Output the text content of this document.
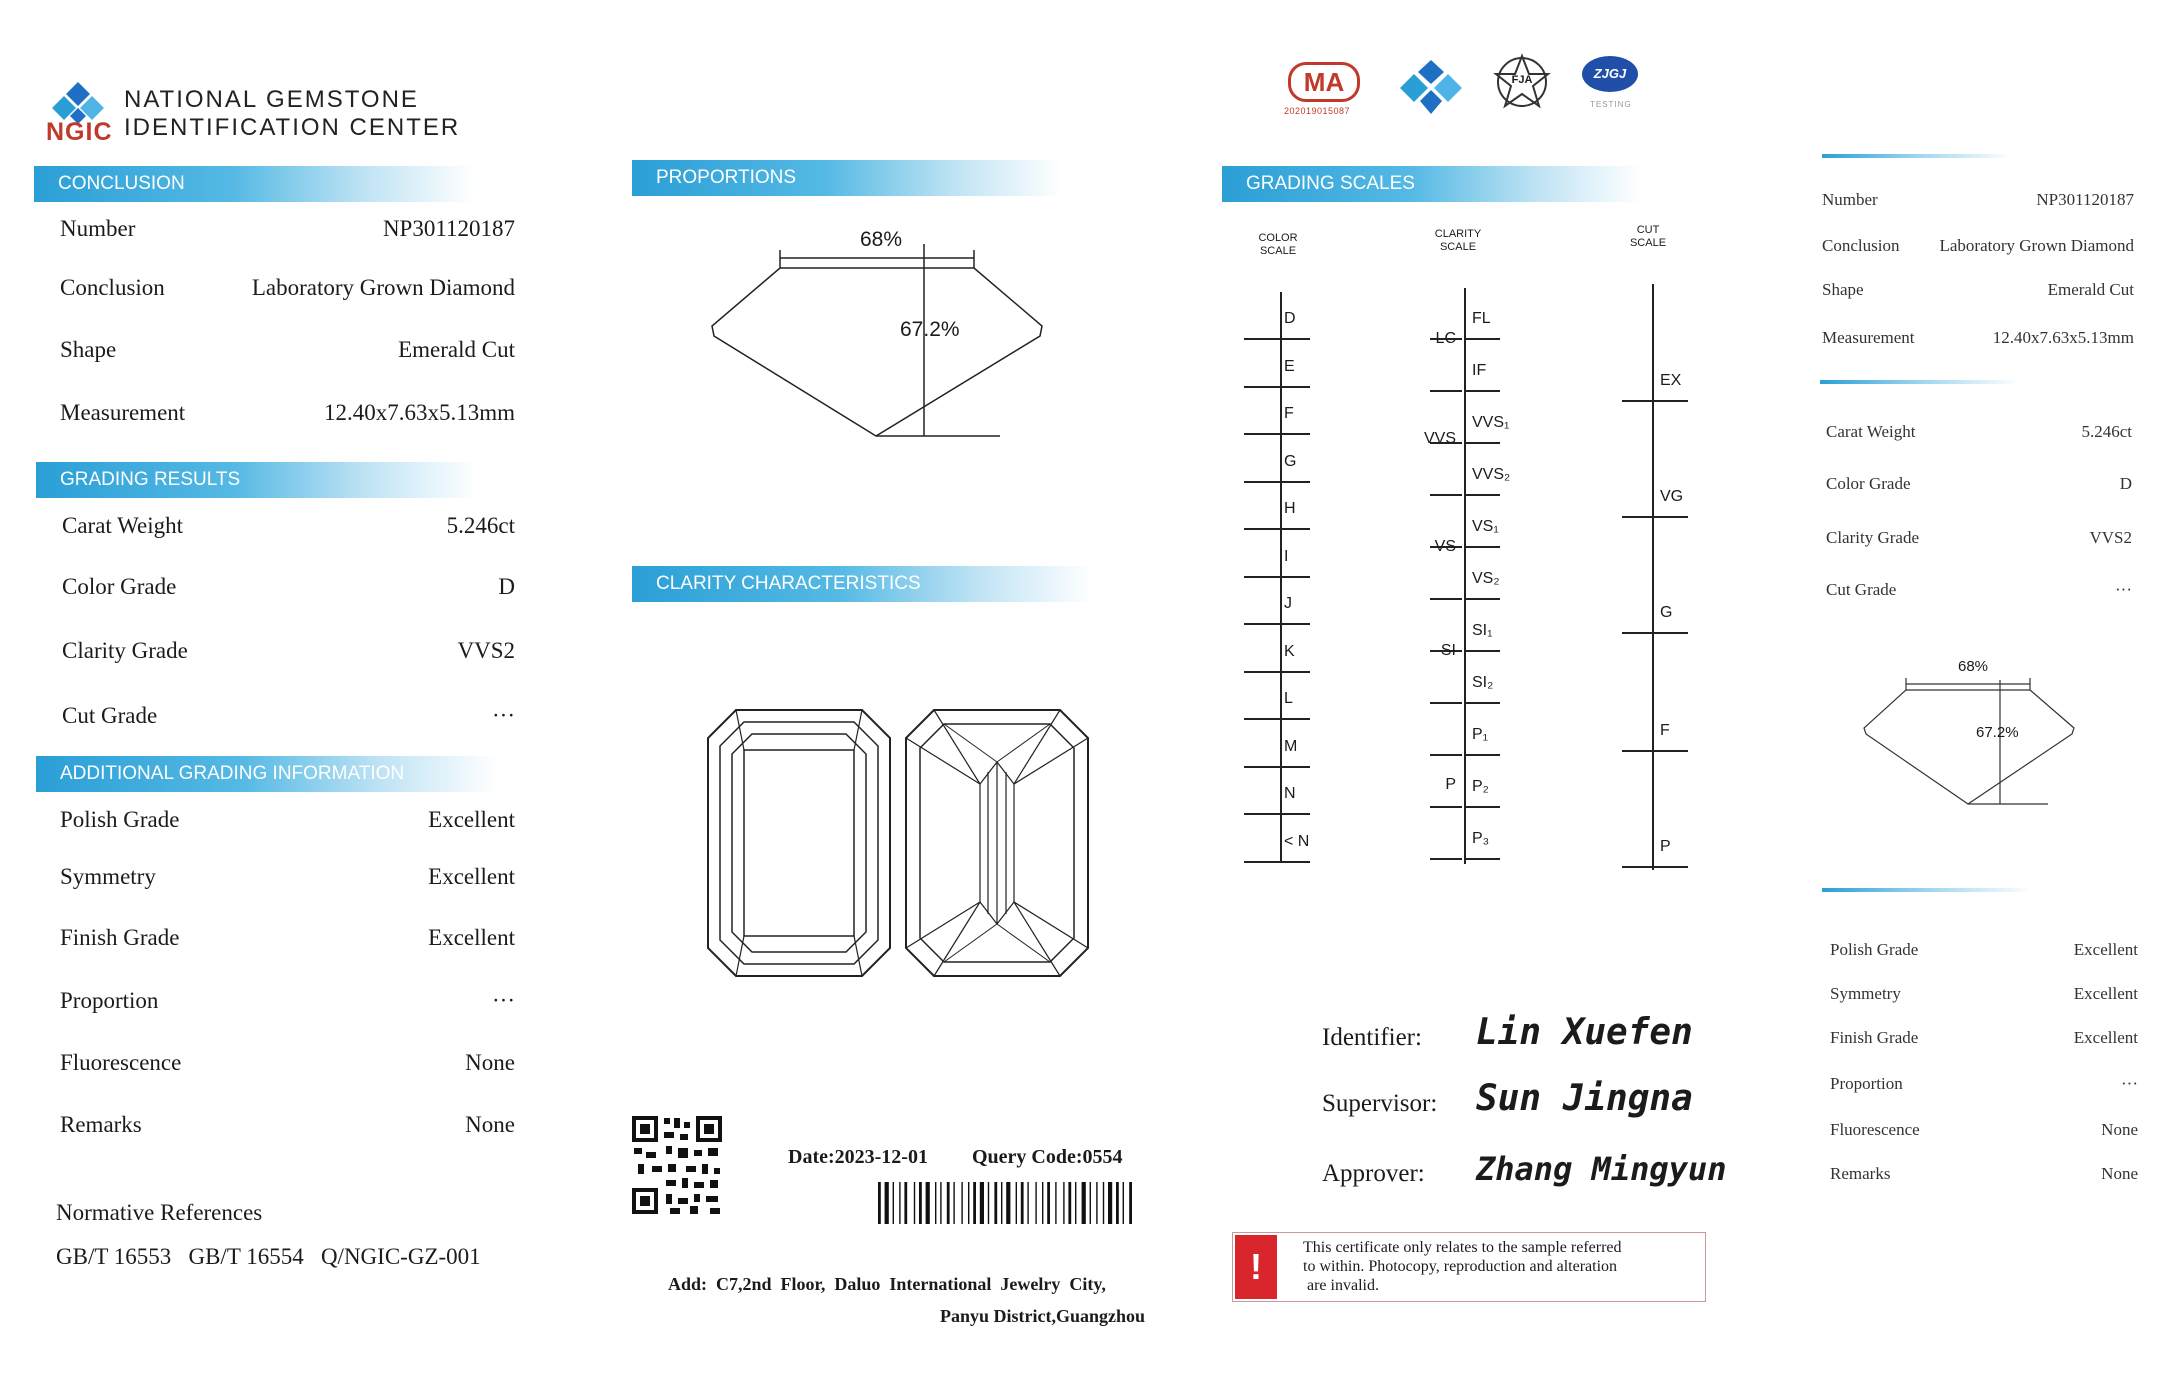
NGIC
NATIONAL GEMSTONE
IDENTIFICATION CENTER
CONCLUSION
Number	NP301120187
Conclusion	Laboratory Grown Diamond
Shape	Emerald Cut
Measurement	12.40x7.63x5.13mm
GRADING RESULTS
Carat Weight	5.246ct
Color Grade	D
Clarity Grade	VVS2
Cut Grade	···
ADDITIONAL GRADING INFORMATION
Polish Grade	Excellent
Symmetry	Excellent
Finish Grade	Excellent
Proportion	···
Fluorescence	None
Remarks	None
Normative References
GB/T 16553   GB/T 16554   Q/NGIC-GZ-001
PROPORTIONS
68%
67.2%
CLARITY CHARACTERISTICS
Date:2023-12-01 Query Code:0554
Add:  C7,2nd  Floor,  Daluo  International  Jewelry  City,
Panyu District,Guangzhou
MA
202019015087
FJA	ZJGJ
TESTING
GRADING SCALES
COLOR
SCALE
CLARITY
SCALE
CUT
SCALE
D
E
F
G
H
I
J
K
L
M
N
< N
FL
IF
VVS₁
VVS₂
VS₁
VS₂
SI₁
SI₂
P₁
P₂
P₃
LC
VVS
VS
SI
P
EX
VG
G
F
P
Identifier: Lin Xuefen
Supervisor: Sun Jingna
Approver: Zhang Mingyun
!	This certificate only relates to the sample referred
to within. Photocopy, reproduction and alteration
are invalid.
Number	NP301120187
Conclusion Laboratory Grown Diamond
Shape	Emerald Cut
Measurement	12.40x7.63x5.13mm
Carat Weight	5.246ct
Color Grade	D
Clarity Grade	VVS2
Cut Grade	···
68%
67.2%
Polish Grade	Excellent
Symmetry	Excellent
Finish Grade	Excellent
Proportion	···
Fluorescence	None
Remarks	None
